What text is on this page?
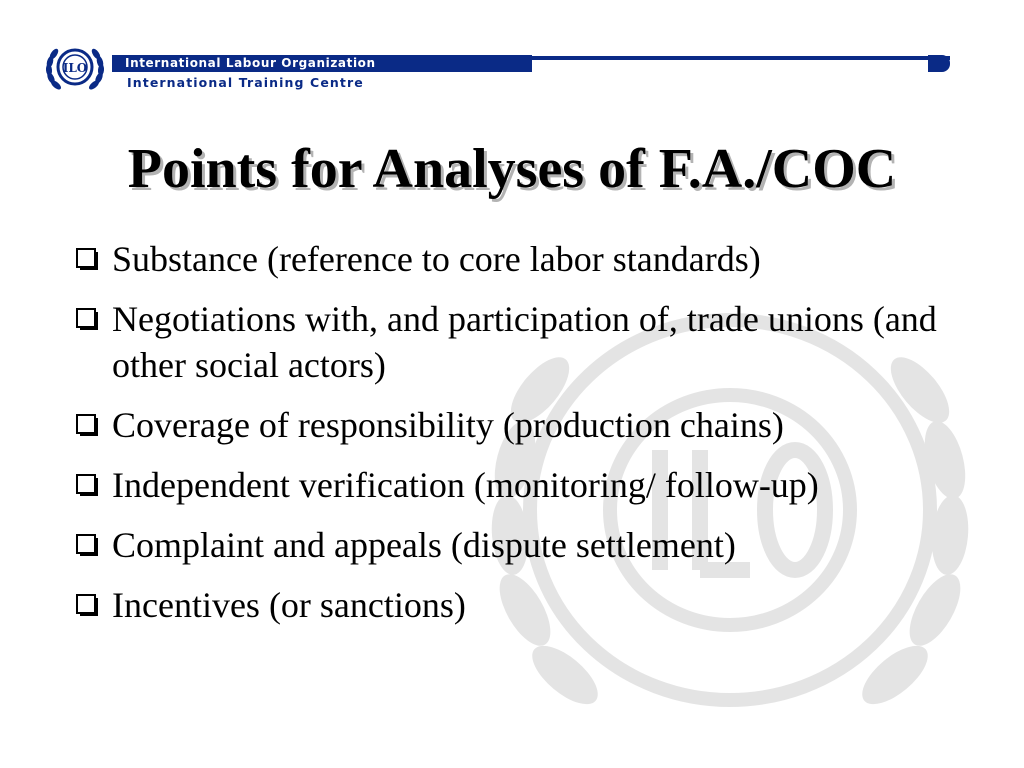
ILO	International Labour Organization
International Training Centre
Points for Analyses of F.A./COC
Substance (reference to core labor standards)
Negotiations with, and participation of, trade unions (and other social actors)
Coverage of responsibility (production chains)
Independent verification (monitoring/ follow-up)
Complaint and appeals (dispute settlement)
Incentives (or sanctions)
